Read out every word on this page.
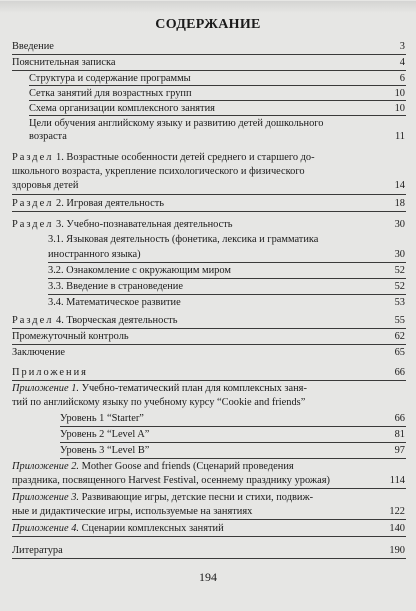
СОДЕРЖАНИЕ
Введение	3
Пояснительная записка	4
Структура и содержание программы	6
Сетка занятий для возрастных групп	10
Схема организации комплексного занятия	10
Цели обучения английскому языку и развитию детей дошкольного
возраста	11
Раздел 1. Возрастные особенности детей среднего и старшего до-
школьного возраста, укрепление психологического и физического
здоровья детей	14
Раздел 2. Игровая деятельность	18
Раздел 3. Учебно-познавательная деятельность	30
3.1. Языковая деятельность (фонетика, лексика и грамматика
иностранного языка)	30
3.2. Ознакомление с окружающим миром	52
3.3. Введение в страноведение	52
3.4. Математическое развитие	53
Раздел 4. Творческая деятельность	55
Промежуточный контроль	62
Заключение	65
Приложения	66
Приложение 1. Учебно-тематический план для комплексных заня-
тий по английскому языку по учебному курсу “Cookie and friends”
Уровень 1 “Starter”	66
Уровень 2 “Level A”	81
Уровень 3 “Level B”	97
Приложение 2. Mother Goose and friends (Сценарий проведения
праздника, посвященного Harvest Festival, осеннему празднику урожая)	114
Приложение 3. Развивающие игры, детские песни и стихи, подвиж-
ные и дидактические игры, используемые на занятиях	122
Приложение 4. Сценарии комплексных занятий	140
Литература	190
194
